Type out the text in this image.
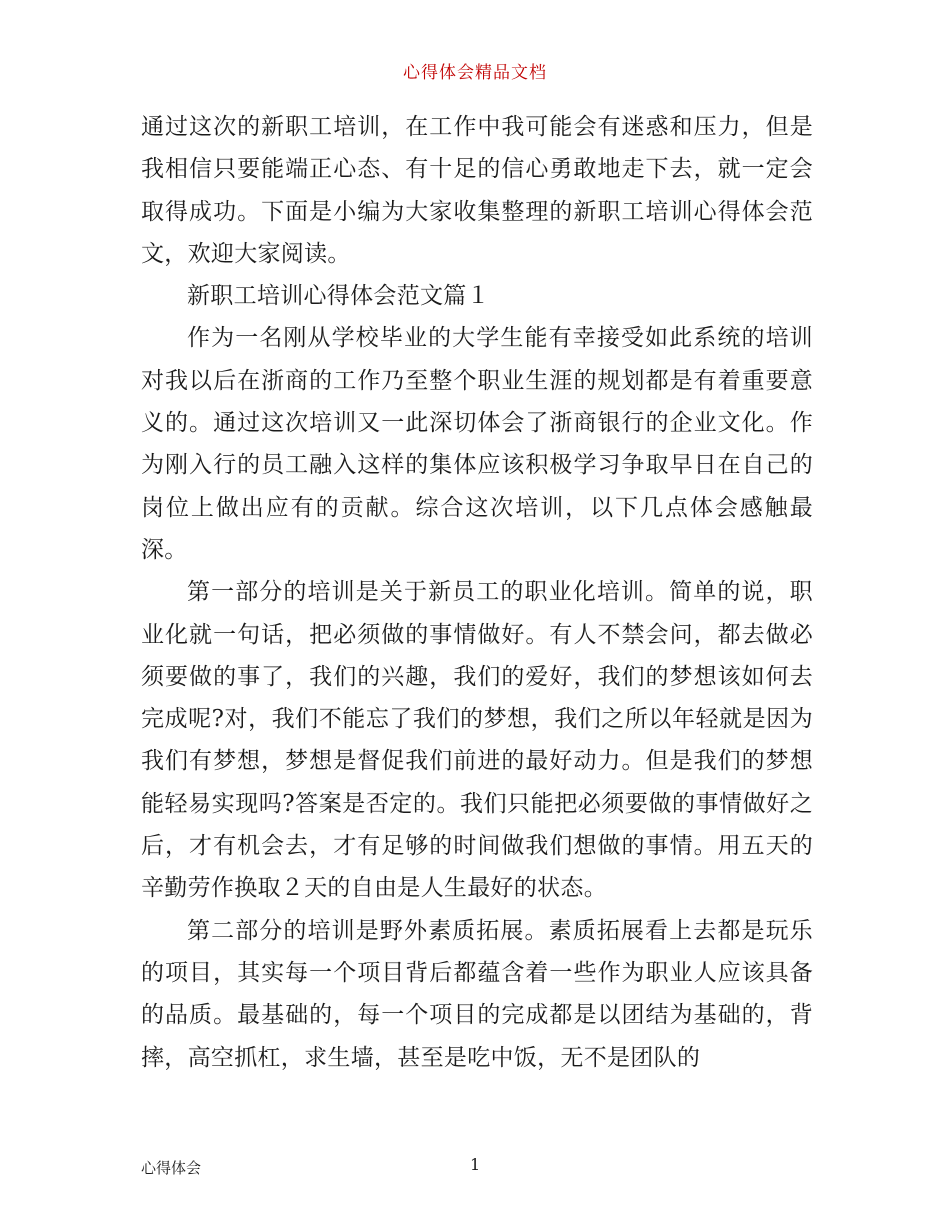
心得体会精品文档

通过这次的新职工培训，在工作中我可能会有迷惑和压力，但是我相信只要能端正心态、有十足的信心勇敢地走下去，就一定会取得成功。下面是小编为大家收集整理的新职工培训心得体会范文，欢迎大家阅读。

新职工培训心得体会范文篇１

作为一名刚从学校毕业的大学生能有幸接受如此系统的培训对我以后在浙商的工作乃至整个职业生涯的规划都是有着重要意义的。通过这次培训又一此深切体会了浙商银行的企业文化。作为刚入行的员工融入这样的集体应该积极学习争取早日在自己的岗位上做出应有的贡献。综合这次培训，以下几点体会感触最深。

第一部分的培训是关于新员工的职业化培训。简单的说，职业化就一句话，把必须做的事情做好。有人不禁会问，都去做必须要做的事了，我们的兴趣，我们的爱好，我们的梦想该如何去完成呢?对，我们不能忘了我们的梦想，我们之所以年轻就是因为我们有梦想，梦想是督促我们前进的最好动力。但是我们的梦想能轻易实现吗?答案是否定的。我们只能把必须要做的事情做好之后，才有机会去，才有足够的时间做我们想做的事情。用五天的辛勤劳作换取２天的自由是人生最好的状态。

第二部分的培训是野外素质拓展。素质拓展看上去都是玩乐的项目，其实每一个项目背后都蕴含着一些作为职业人应该具备的品质。最基础的，每一个项目的完成都是以团结为基础的，背摔，高空抓杠，求生墙，甚至是吃中饭，无不是团队的

心得体会	1
